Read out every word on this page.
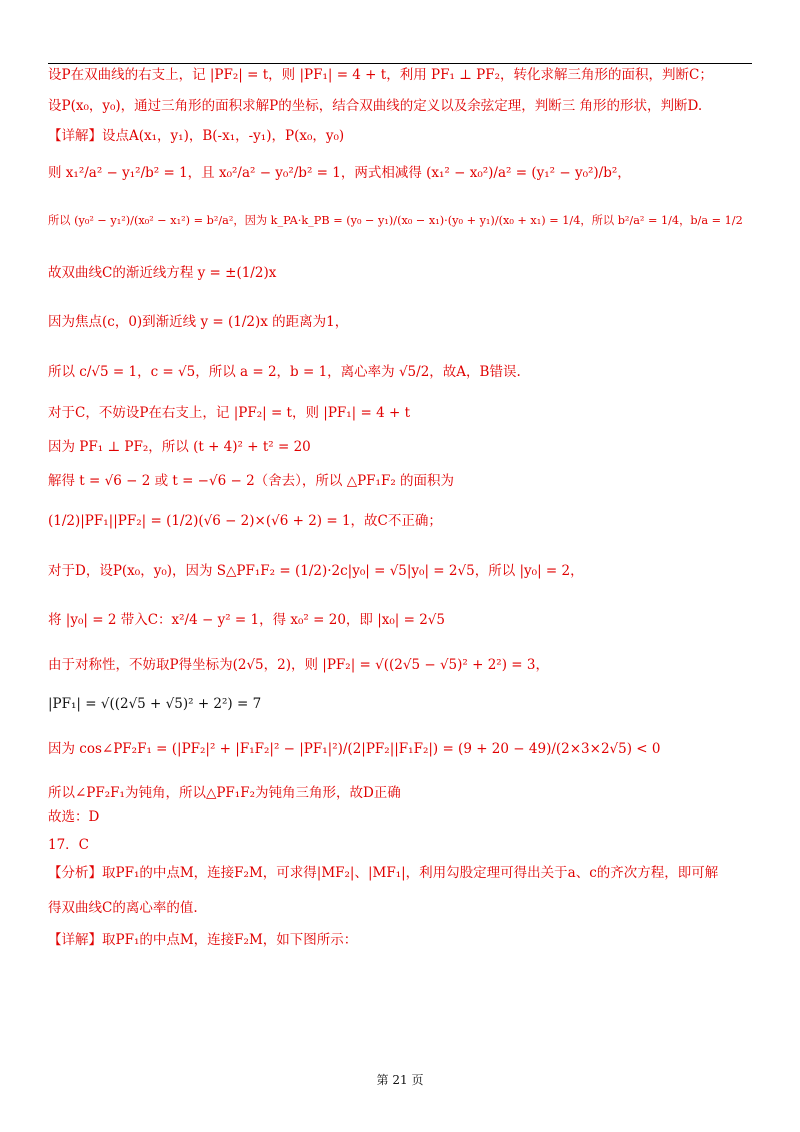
设P在双曲线的右支上，记 |PF₂| = t，则 |PF₁| = 4 + t，利用 PF₁ ⊥ PF₂，转化求解三角形的面积，判断C；
设P(x₀，y₀)，通过三角形的面积求解P的坐标，结合双曲线的定义以及余弦定理，判断三 角形的形状，判断D.
【详解】设点A(x₁，y₁)，B(-x₁，-y₁)，P(x₀，y₀)
则 x₁²/a² − y₁²/b² = 1，且 x₀²/a² − y₀²/b² = 1，两式相减得 (x₁² − x₀²)/a² = (y₁² − y₀²)/b²，
所以 (y₀² − y₁²)/(x₀² − x₁²) = b²/a²，因为 k_PA·k_PB = (y₀ − y₁)/(x₀ − x₁)·(y₀ + y₁)/(x₀ + x₁) = 1/4，所以 b²/a² = 1/4，b/a = 1/2
故双曲线C的渐近线方程 y = ±(1/2)x
因为焦点(c，0)到渐近线 y = (1/2)x 的距离为1，
所以 c/√5 = 1，c = √5，所以 a = 2，b = 1，离心率为 √5/2，故A，B错误.
对于C，不妨设P在右支上，记 |PF₂| = t，则 |PF₁| = 4 + t
因为 PF₁ ⊥ PF₂，所以 (t + 4)² + t² = 20
解得 t = √6 − 2 或 t = −√6 − 2（舍去），所以 △PF₁F₂ 的面积为
(1/2)|PF₁||PF₂| = (1/2)(√6 − 2)×(√6 + 2) = 1，故C不正确；
对于D，设P(x₀，y₀)，因为 S△PF₁F₂ = (1/2)·2c|y₀| = √5|y₀| = 2√5，所以 |y₀| = 2，
将 |y₀| = 2 带入C：x²/4 − y² = 1，得 x₀² = 20，即 |x₀| = 2√5
由于对称性，不妨取P得坐标为(2√5，2)，则 |PF₂| = √((2√5 − √5)² + 2²) = 3，
|PF₁| = √((2√5 + √5)² + 2²) = 7
因为 cos∠PF₂F₁ = (|PF₂|² + |F₁F₂|² − |PF₁|²)/(2|PF₂||F₁F₂|) = (9 + 20 − 49)/(2×3×2√5) < 0
所以∠PF₂F₁为钝角，所以△PF₁F₂为钝角三角形，故D正确
故选：D
17．C
【分析】取PF₁的中点M，连接F₂M，可求得|MF₂|、|MF₁|，利用勾股定理可得出关于a、c的齐次方程，即可解
得双曲线C的离心率的值.
【详解】取PF₁的中点M，连接F₂M，如下图所示：
第 21 页
